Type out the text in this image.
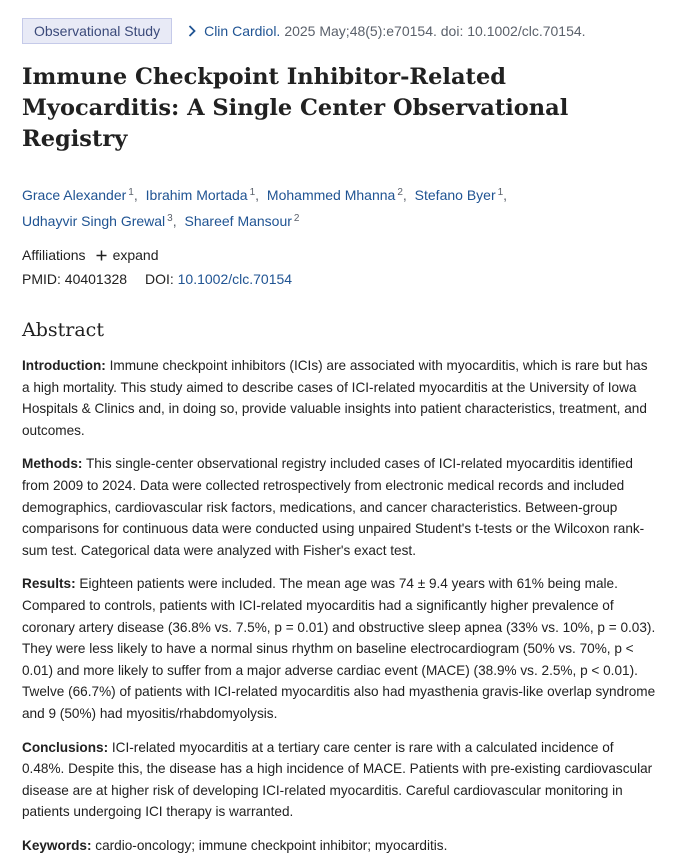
Observational Study	Clin Cardiol. 2025 May;48(5):e70154. doi: 10.1002/clc.70154.
Immune Checkpoint Inhibitor-Related Myocarditis: A Single Center Observational Registry
Grace Alexander $^1$, Ibrahim Mortada $^1$, Mohammed Mhanna $^2$, Stefano Byer $^1$,
Udhayvir Singh Grewal $^3$, Shareef Mansour $^2$
Affiliations expand
PMID: 40401328 DOI: 10.1002/clc.70154
Abstract

Introduction: Immune checkpoint inhibitors (ICIs) are associated with myocarditis, which is rare but has a high mortality. This study aimed to describe cases of ICI-related myocarditis at the University of Iowa Hospitals & Clinics and, in doing so, provide valuable insights into patient characteristics, treatment, and outcomes.

Methods: This single-center observational registry included cases of ICI-related myocarditis identified from 2009 to 2024. Data were collected retrospectively from electronic medical records and included demographics, cardiovascular risk factors, medications, and cancer characteristics. Between-group comparisons for continuous data were conducted using unpaired Student's t-tests or the Wilcoxon rank-sum test. Categorical data were analyzed with Fisher's exact test.

Results: Eighteen patients were included. The mean age was 74 ± 9.4 years with 61% being male. Compared to controls, patients with ICI-related myocarditis had a significantly higher prevalence of coronary artery disease (36.8% vs. 7.5%, p = 0.01) and obstructive sleep apnea (33% vs. 10%, p = 0.03). They were less likely to have a normal sinus rhythm on baseline electrocardiogram (50% vs. 70%, p < 0.01) and more likely to suffer from a major adverse cardiac event (MACE) (38.9% vs. 2.5%, p < 0.01). Twelve (66.7%) of patients with ICI-related myocarditis also had myasthenia gravis-like overlap syndrome and 9 (50%) had myositis/rhabdomyolysis.

Conclusions: ICI-related myocarditis at a tertiary care center is rare with a calculated incidence of 0.48%. Despite this, the disease has a high incidence of MACE. Patients with pre-existing cardiovascular disease are at higher risk of developing ICI-related myocarditis. Careful cardiovascular monitoring in patients undergoing ICI therapy is warranted.

Keywords: cardio-oncology; immune checkpoint inhibitor; myocarditis.
